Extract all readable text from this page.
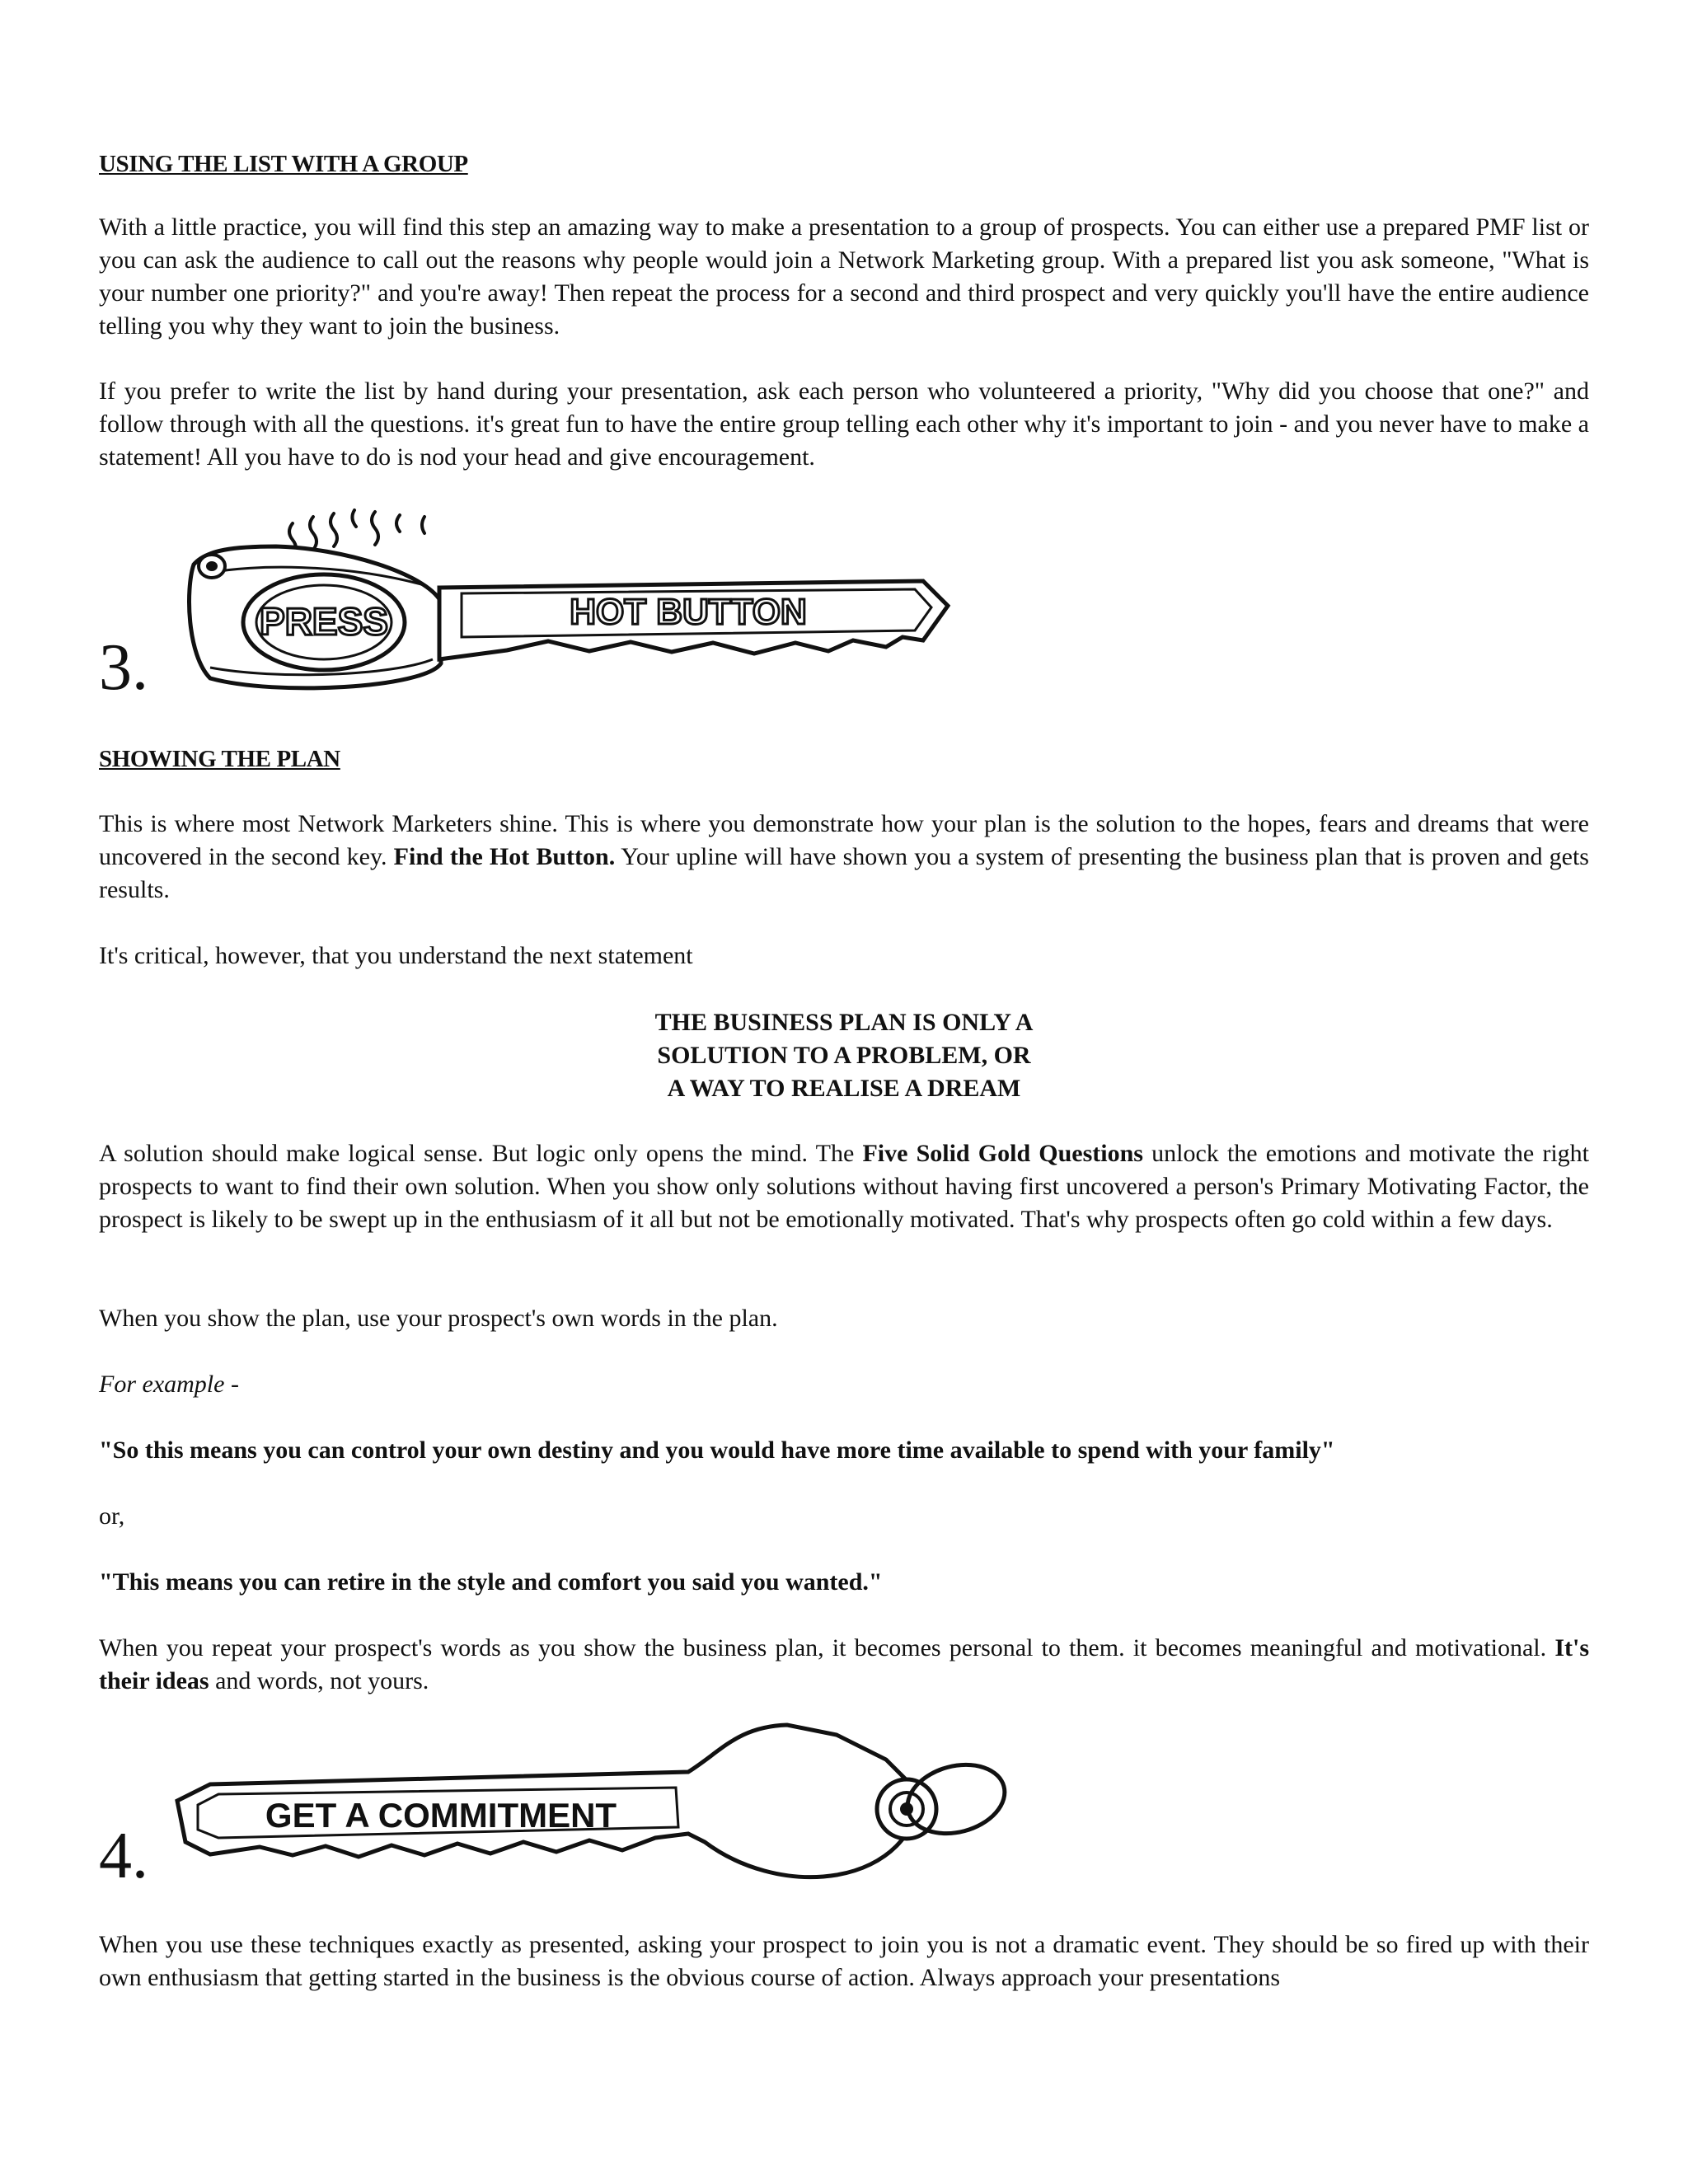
USING THE LIST WITH A GROUP

With a little practice, you will find this step an amazing way to make a presentation to a group of prospects. You can either use a prepared PMF list or you can ask the audience to call out the reasons why people would join a Network Marketing group. With a prepared list you ask someone, "What is your number one priority?" and you're away! Then repeat the process for a second and third prospect and very quickly you'll have the entire audience telling you why they want to join the business.

If you prefer to write the list by hand during your presentation, ask each person who volunteered a priority, "Why did you choose that one?" and follow through with all the questions. it's great fun to have the entire group telling each other why it's important to join - and you never have to make a statement! All you have to do is nod your head and give encouragement.

3.
PRESS	HOT BUTTON
SHOWING THE PLAN

This is where most Network Marketers shine. This is where you demonstrate how your plan is the solution to the hopes, fears and dreams that were uncovered in the second key. Find the Hot Button. Your upline will have shown you a system of presenting the business plan that is proven and gets results.

It's critical, however, that you understand the next statement

THE BUSINESS PLAN IS ONLY A
SOLUTION TO A PROBLEM, OR
A WAY TO REALISE A DREAM

A solution should make logical sense. But logic only opens the mind. The Five Solid Gold Questions unlock the emotions and motivate the right prospects to want to find their own solution. When you show only solutions without having first uncovered a person's Primary Motivating Factor, the prospect is likely to be swept up in the enthusiasm of it all but not be emotionally motivated. That's why prospects often go cold within a few days.

When you show the plan, use your prospect's own words in the plan.

For example -
"So this means you can control your own destiny and you would have more time available to spend with your family"
or,
"This means you can retire in the style and comfort you said you wanted."

When you repeat your prospect's words as you show the business plan, it becomes personal to them. it becomes meaningful and motivational. It's their ideas and words, not yours.

4.
GET A COMMITMENT

When you use these techniques exactly as presented, asking your prospect to join you is not a dramatic event. They should be so fired up with their own enthusiasm that getting started in the business is the obvious course of action. Always approach your presentations
